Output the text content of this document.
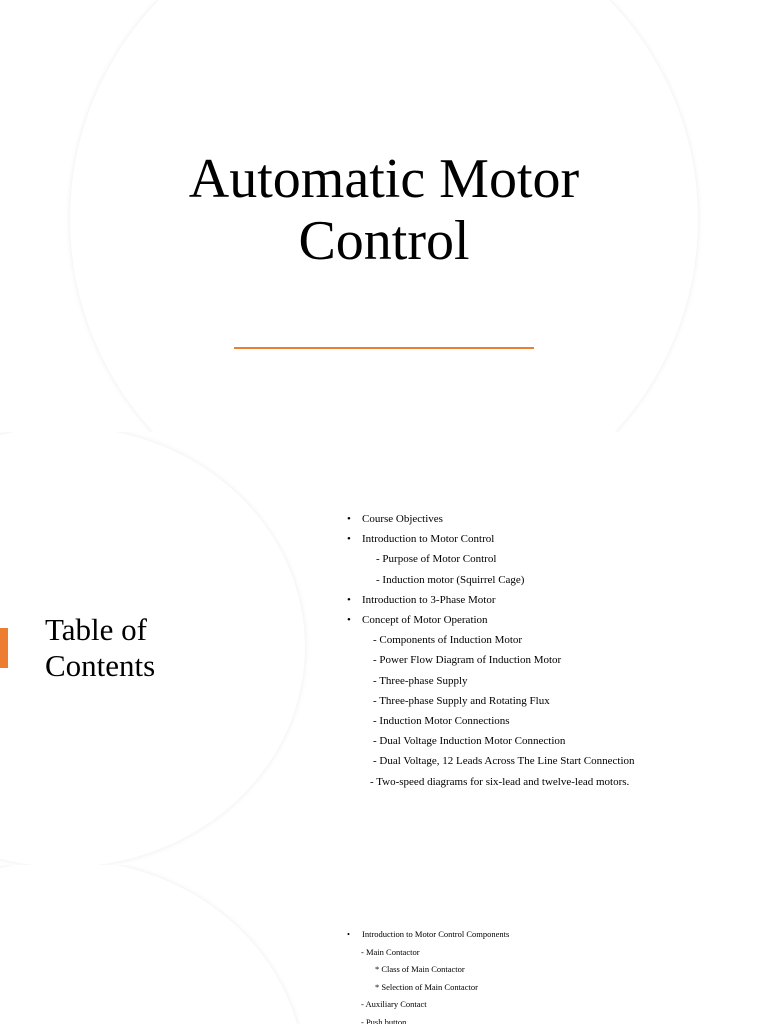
Automatic Motor
Control
Table of
Contents
• Course Objectives
• Introduction to Motor Control
- Purpose of Motor Control
- Induction motor (Squirrel Cage)
• Introduction to 3-Phase Motor
• Concept of Motor Operation
- Components of Induction Motor
- Power Flow Diagram of Induction Motor
- Three-phase Supply
- Three-phase Supply and Rotating Flux
- Induction Motor Connections
- Dual Voltage Induction Motor Connection
- Dual Voltage, 12 Leads Across The Line Start Connection
- Two-speed diagrams for six-lead and twelve-lead motors.
• Introduction to Motor Control Components
- Main Contactor
* Class of Main Contactor
* Selection of Main Contactor
- Auxiliary Contact
- Push button
